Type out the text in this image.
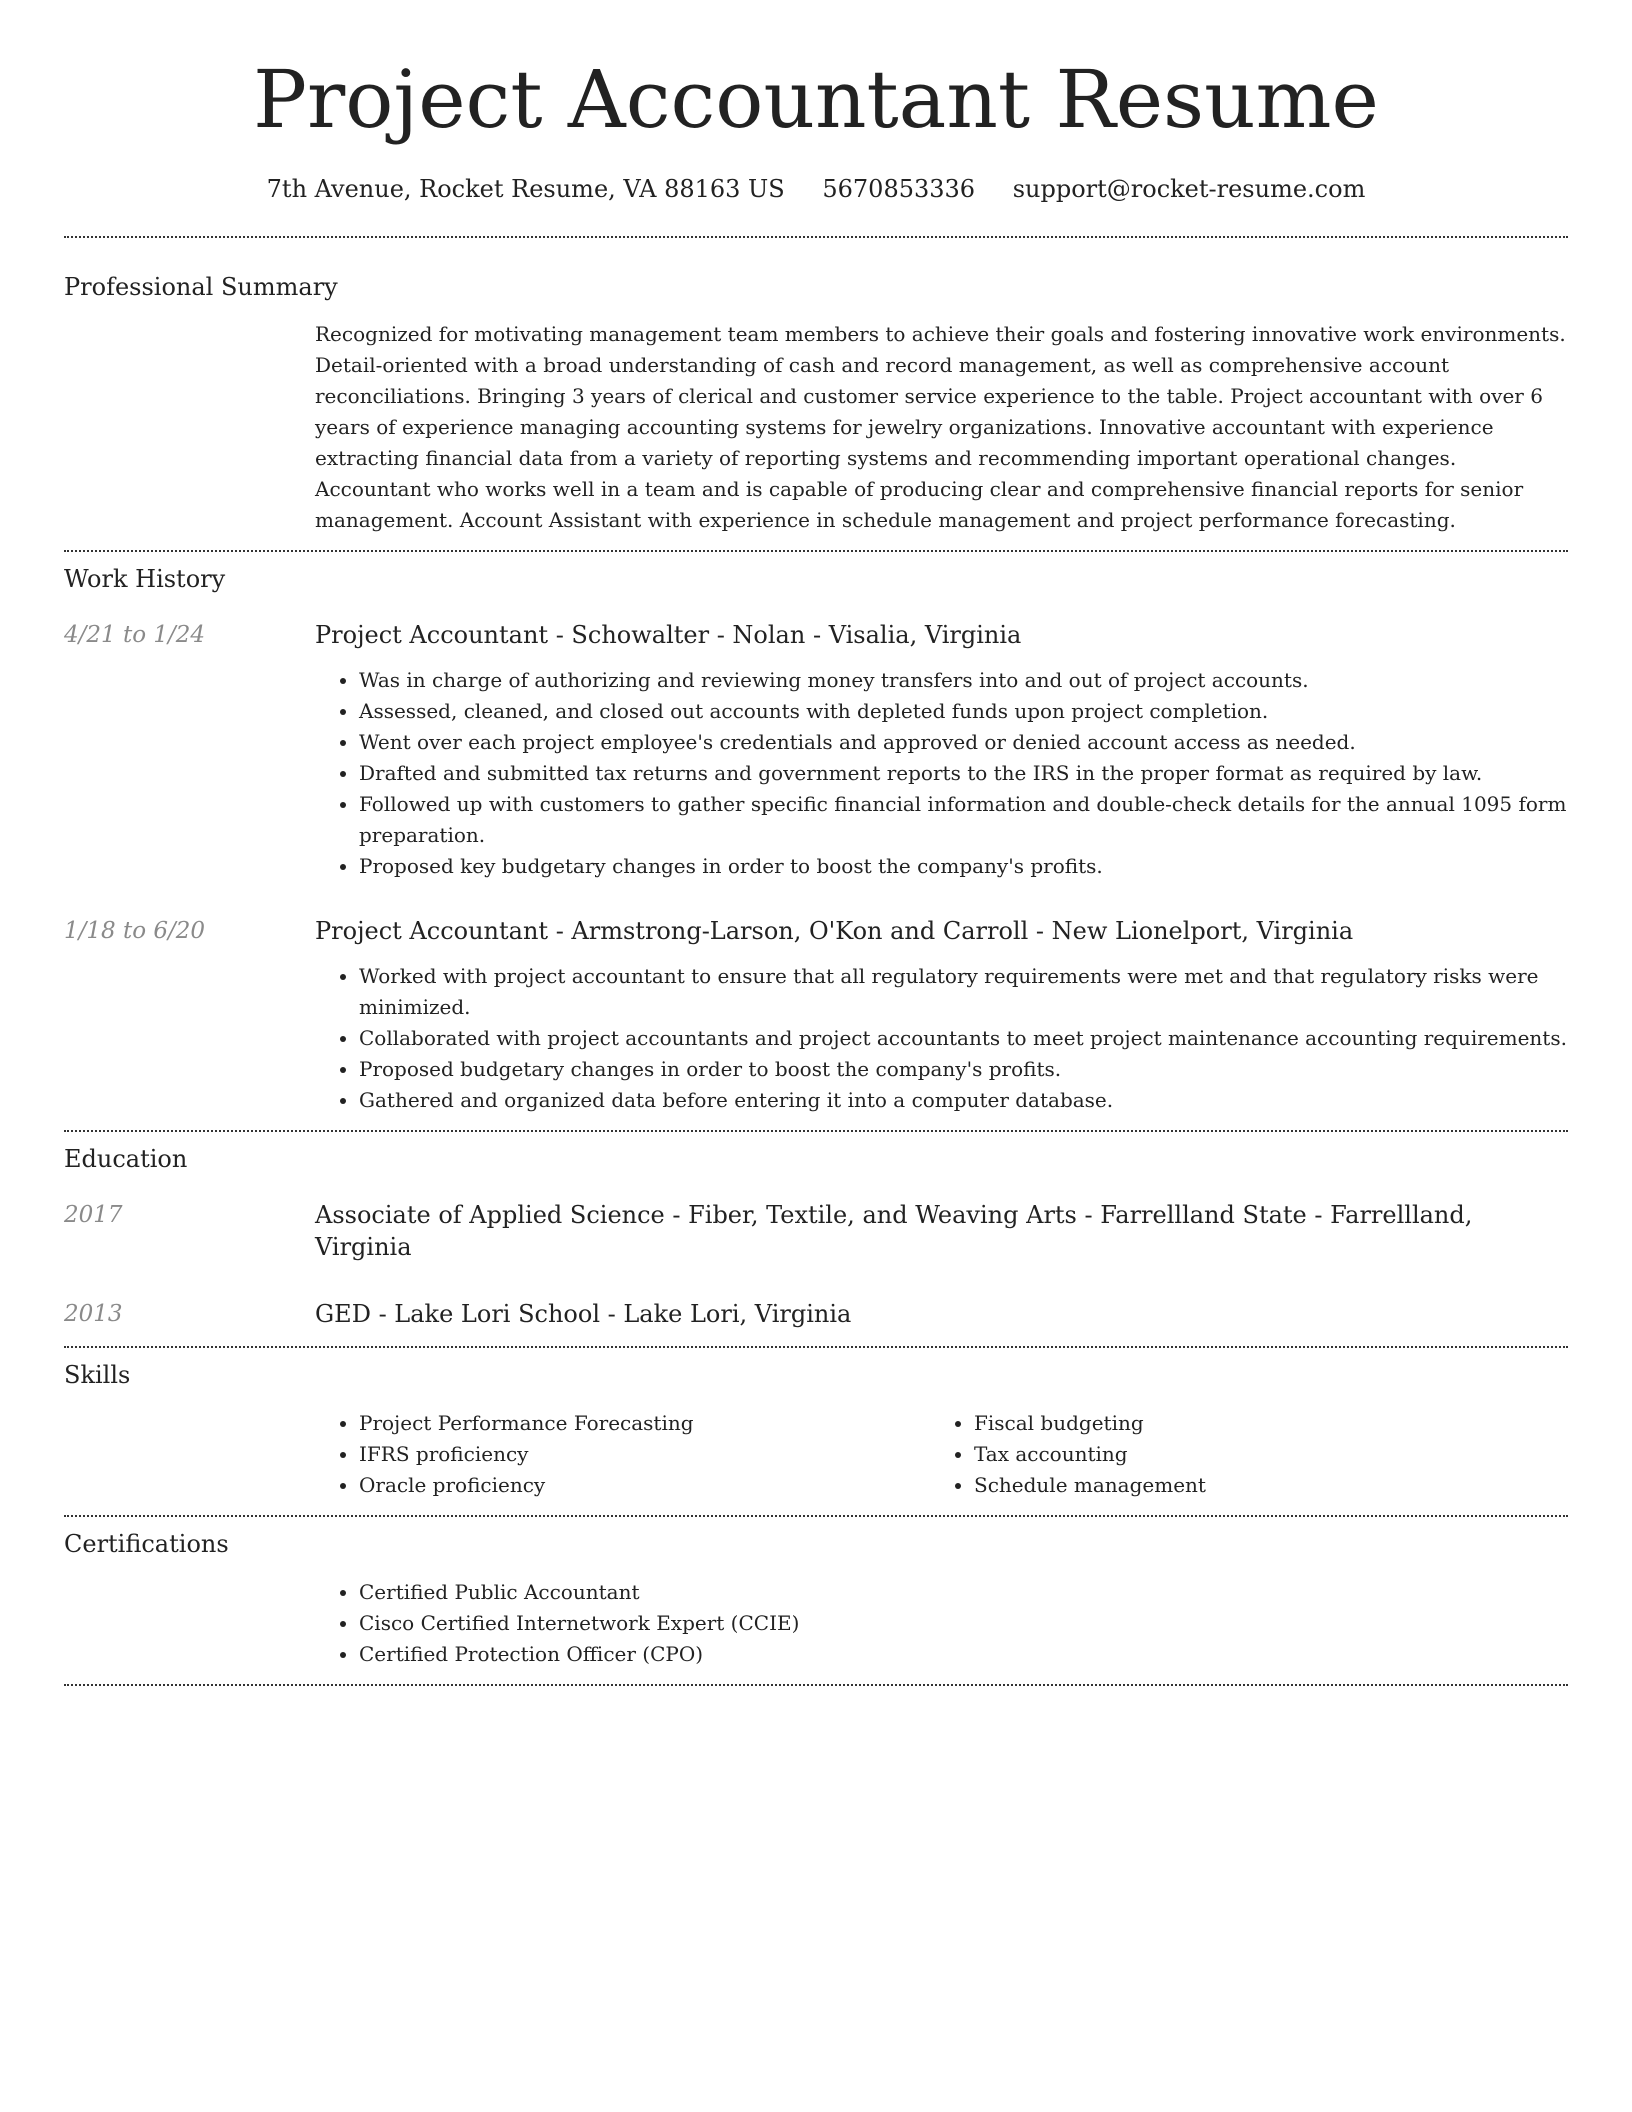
Project Accountant Resume
7th Avenue, Rocket Resume, VA 88163 US 5670853336 support@rocket-resume.com
Professional Summary

Recognized for motivating management team members to achieve their goals and fostering innovative work environments. Detail-oriented with a broad understanding of cash and record management, as well as comprehensive account reconciliations. Bringing 3 years of clerical and customer service experience to the table. Project accountant with over 6 years of experience managing accounting systems for jewelry organizations. Innovative accountant with experience extracting financial data from a variety of reporting systems and recommending important operational changes. Accountant who works well in a team and is capable of producing clear and comprehensive financial reports for senior management. Account Assistant with experience in schedule management and project performance forecasting.

Work History
4/21 to 1/24	Project Accountant - Schowalter - Nolan - Visalia, Virginia

• Was in charge of authorizing and reviewing money transfers into and out of project accounts.
• Assessed, cleaned, and closed out accounts with depleted funds upon project completion.
• Went over each project employee's credentials and approved or denied account access as needed.
• Drafted and submitted tax returns and government reports to the IRS in the proper format as required by law.
• Followed up with customers to gather specific financial information and double-check details for the annual 1095 form preparation.
• Proposed key budgetary changes in order to boost the company's profits.
1/18 to 6/20	Project Accountant - Armstrong-Larson, O'Kon and Carroll - New Lionelport, Virginia

• Worked with project accountant to ensure that all regulatory requirements were met and that regulatory risks were minimized.
• Collaborated with project accountants and project accountants to meet project maintenance accounting requirements.
• Proposed budgetary changes in order to boost the company's profits.
• Gathered and organized data before entering it into a computer database.
Education
2017	Associate of Applied Science - Fiber, Textile, and Weaving Arts - Farrellland State - Farrellland, Virginia

2013	GED - Lake Lori School - Lake Lori, Virginia

Skills
• Project Performance Forecasting
• IFRS proficiency
• Oracle proficiency
• Fiscal budgeting
• Tax accounting
• Schedule management
Certifications
• Certified Public Accountant
• Cisco Certified Internetwork Expert (CCIE)
• Certified Protection Officer (CPO)
